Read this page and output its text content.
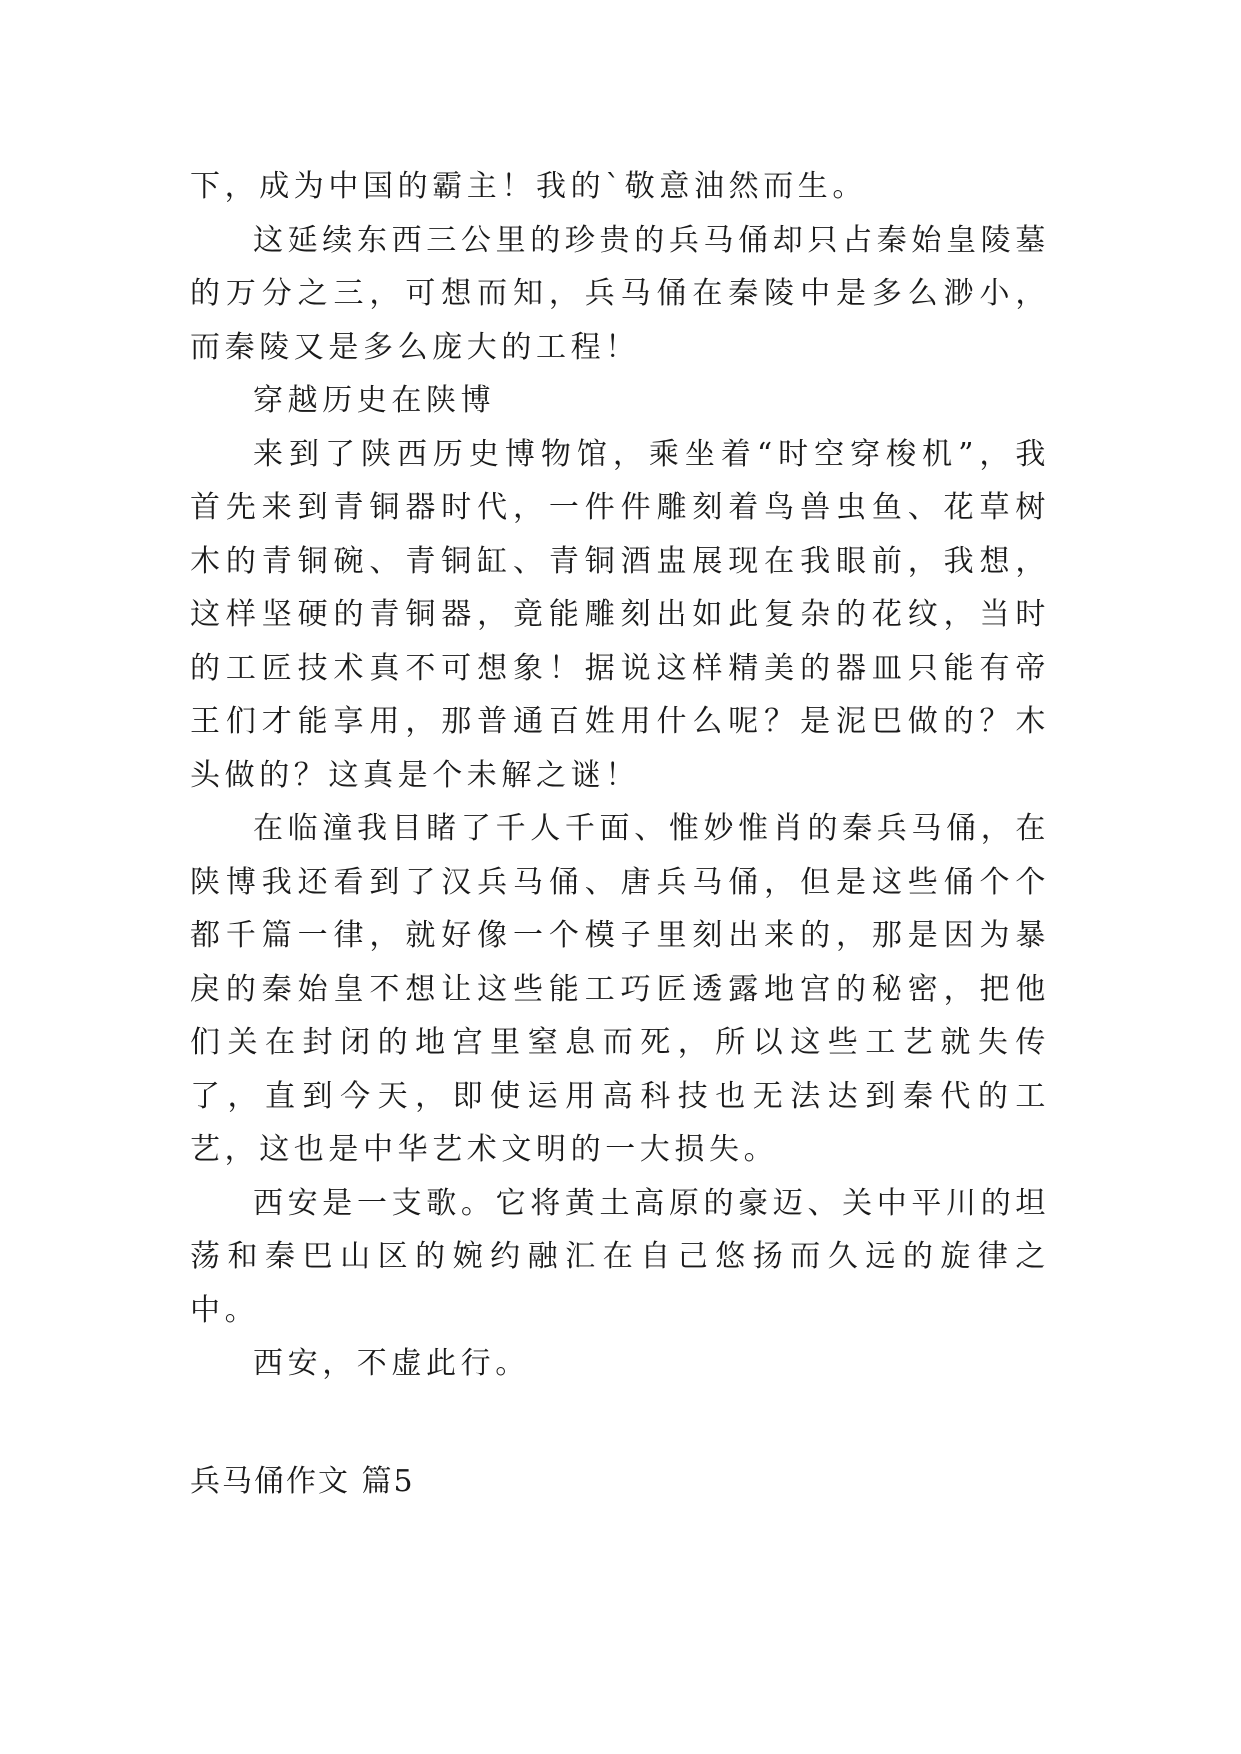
下，成为中国的霸主！我的`敬意油然而生。

这延续东西三公里的珍贵的兵马俑却只占秦始皇陵墓的万分之三，可想而知，兵马俑在秦陵中是多么渺小，而秦陵又是多么庞大的工程！

穿越历史在陕博

来到了陕西历史博物馆，乘坐着“时空穿梭机”，我首先来到青铜器时代，一件件雕刻着鸟兽虫鱼、花草树木的青铜碗、青铜缸、青铜酒盅展现在我眼前，我想，这样坚硬的青铜器，竟能雕刻出如此复杂的花纹，当时的工匠技术真不可想象！据说这样精美的器皿只能有帝王们才能享用，那普通百姓用什么呢？是泥巴做的？木头做的？这真是个未解之谜！

在临潼我目睹了千人千面、惟妙惟肖的秦兵马俑，在陕博我还看到了汉兵马俑、唐兵马俑，但是这些俑个个都千篇一律，就好像一个模子里刻出来的，那是因为暴戾的秦始皇不想让这些能工巧匠透露地宫的秘密，把他们关在封闭的地宫里窒息而死，所以这些工艺就失传了，直到今天，即使运用高科技也无法达到秦代的工艺，这也是中华艺术文明的一大损失。

西安是一支歌。它将黄土高原的豪迈、关中平川的坦荡和秦巴山区的婉约融汇在自己悠扬而久远的旋律之中。

西安，不虚此行。

兵马俑作文 篇5
